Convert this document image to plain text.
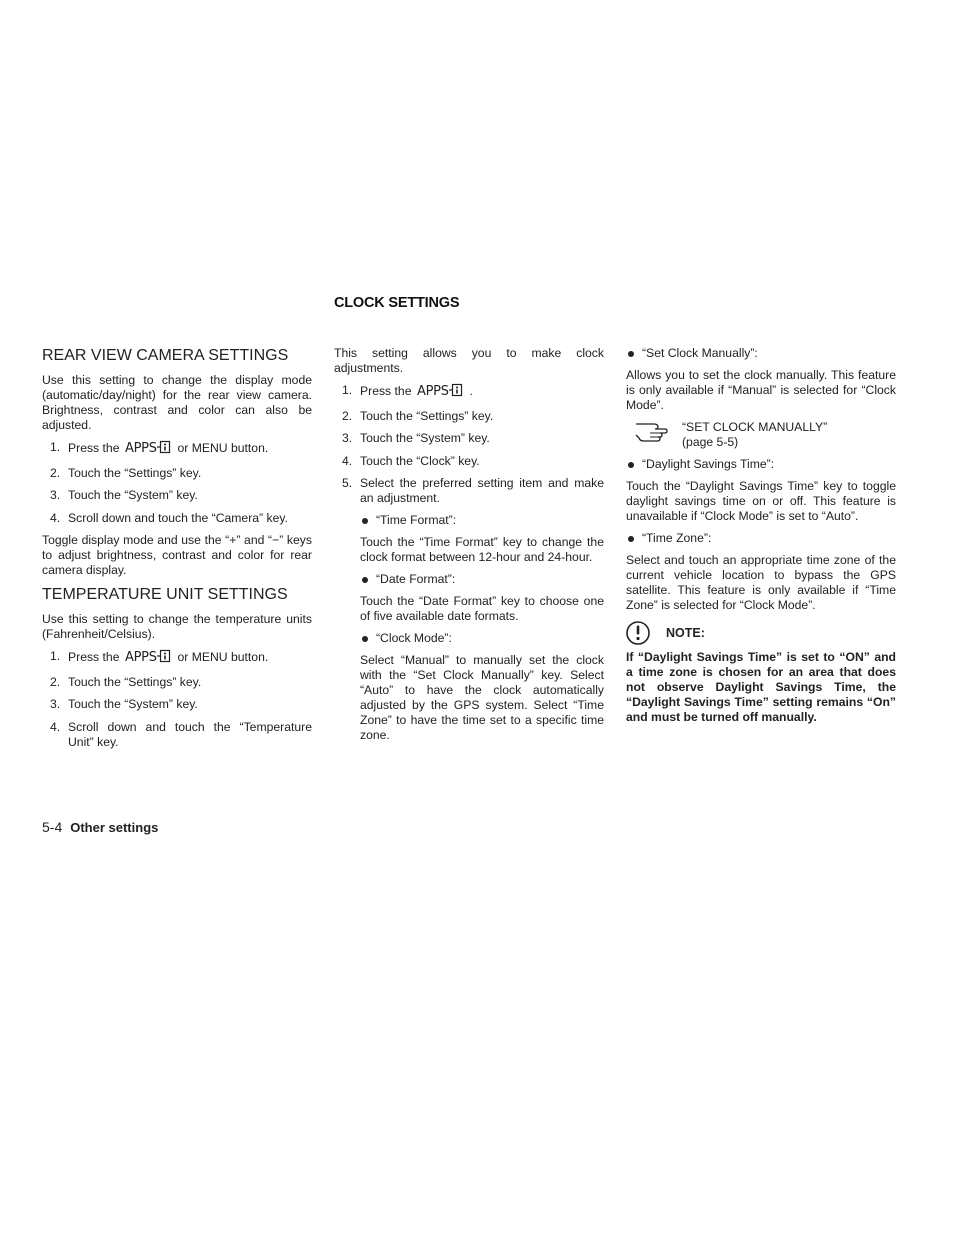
CLOCK SETTINGS
REAR VIEW CAMERA SETTINGS

Use this setting to change the display mode (automatic/day/night) for the rear view camera. Brightness, contrast and color can also be adjusted.

1. Press the APPS or MENU button.
2. Touch the “Settings” key.
3. Touch the “System” key.
4. Scroll down and touch the “Camera” key.

Toggle display mode and use the “+” and “−” keys to adjust brightness, contrast and color for rear camera display.

TEMPERATURE UNIT SETTINGS

Use this setting to change the temperature units (Fahrenheit/Celsius).

1. Press the APPS or MENU button.
2. Touch the “Settings” key.
3. Touch the “System” key.
4. Scroll down and touch the “Temperature Unit” key.

This setting allows you to make clock adjustments.

1. Press the APPS .
2. Touch the “Settings” key.
3. Touch the “System” key.
4. Touch the “Clock” key.
5. Select the preferred setting item and make an adjustment.
“Time Format”:

Touch the “Time Format” key to change the clock format between 12-hour and 24-hour.

“Date Format”:

Touch the “Date Format” key to choose one of five available date formats.

“Clock Mode”:

Select “Manual” to manually set the clock with the “Set Clock Manually” key. Select “Auto” to have the clock automatically adjusted by the GPS system. Select “Time Zone” to have the time set to a specific time zone.

“Set Clock Manually”:

Allows you to set the clock manually. This feature is only available if “Manual” is selected for “Clock Mode”.

“SET CLOCK MANUALLY”
(page 5-5)
“Daylight Savings Time”:

Touch the “Daylight Savings Time” key to toggle daylight savings time on or off. This feature is unavailable if “Clock Mode” is set to “Auto”.

“Time Zone”:

Select and touch an appropriate time zone of the current vehicle location to bypass the GPS satellite. This feature is only available if “Time Zone” is selected for “Clock Mode”.

NOTE:

If “Daylight Savings Time” is set to “ON” and a time zone is chosen for an area that does not observe Daylight Savings Time, the “Daylight Savings Time” setting remains “On” and must be turned off manually.

5-4 Other settings
